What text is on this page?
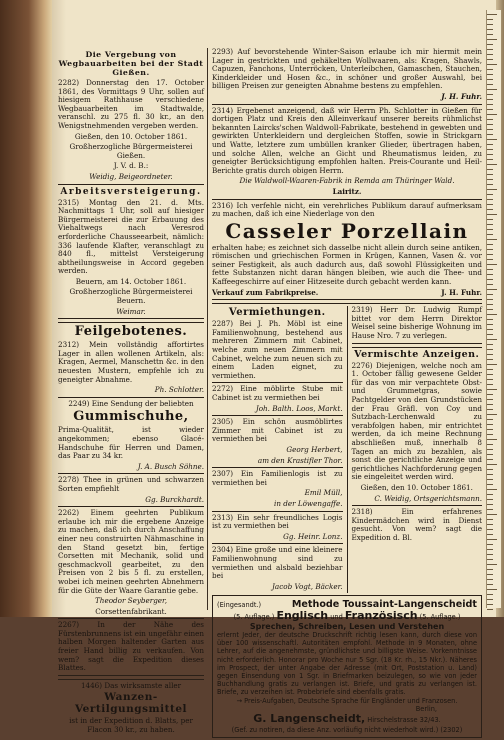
Die Vergebung von Wegbauarbeiten bei der Stadt Gießen.
2282) Donnerstag den 17. October 1861, des Vormittags 9 Uhr, sollen auf hiesigem Rathhause verschiedene Wegbauarbeiten im Stadtwalde, veranschl. zu 275 fl. 30 kr., an den Wenigstnehmenden vergeben werden.
Gießen, den 10. October 1861.
Großherzogliche Bürgermeisterei Gießen.
J. V. d. B.:
Weidig, Beigeordneter.
Arbeitsversteigerung.
2315) Montag den 21. d. Mts. Nachmittags 1 Uhr, soll auf hiesiger Bürgermeisterei die zur Erbauung des Viehaltwegs nach Veresrod erforderliche Chausseearbeit, nämlich: 336 laufende Klafter, veranschlagt zu 840 fl., mittelst Versteigerung abtheilungsweise in Accord gegeben werden.
Beuern, am 14. October 1861.
Großherzogliche Bürgermeisterei Beuern.
Weimar.
Feilgebotenes.
2312) Mein vollständig affortirtes Lager in allen wollenen Artikeln, als: Kragen, Aermel, Manschettn &c. in den neuesten Mustern, empfehle ich zu geneigter Abnahme.
Ph. Schlotter.
2249) Eine Sendung der beliebten
Gummischuhe,
Prima-Qualität, ist wieder angekommen; ebenso Glacé-Handschuhe für Herren und Damen, das Paar zu 34 kr.
J. A. Busch Söhne.
2278) Thee in grünen und schwarzen Sorten empfiehlt
Gg. Burckhardt.
2262) Einem geehrten Publikum erlaube ich mir die ergebene Anzeige zu machen, daß ich durch Anschaffung einer neu construirten Nähmaschine in den Stand gesetzt bin, fertige Corsetten mit Mechanik, solid und geschmackvoll gearbeitet, zu den Preisen von 2 bis 5 fl. zu erstellen, wobei ich meinen geehrten Abnehmern für die Güte der Waare Garantie gebe.
Theodor Seyberger,
Corsettenfabrikant.
2267) In der Nähe des Fürstenbrunnens ist ein ungefähr einen halben Morgen haltender Garten aus freier Hand billig zu verkaufen. Von wem? sagt die Expedition dieses Blattes.
1446) Das wirksamste aller
Wanzen-Vertilgungsmittel
ist in der Expedition d. Blatts, per Flacon 30 kr., zu haben.
2293) Auf bevorstehende Winter-Saison erlaube ich mir hiermit mein Lager in gestrickten und gehäkelten Wollwaaren, als: Kragen, Shawls, Capuzen, Fanchons, Unterröcken, Unterleibchen, Gamaschen, Stauchen, Kinderkleider und Hosen &c., in schöner und großer Auswahl, bei billigen Preisen zur geneigten Abnahme bestens zu empfehlen.
J. H. Fuhr.
2314) Ergebenst anzeigend, daß wir Herrn Ph. Schlotter in Gießen für dortigen Platz und Kreis den Alleinverkauf unserer bereits rühmlichst bekannten Laircks'schen Waldwoll-Fabrikate, bestehend in gewebten und gewirkten Unterkleidern und dergleichen Stoffen, sowie in Strickgarn und Watte, letztere zum umbüllen kranker Glieder, übertragen haben, und solche Allen, welche an Gicht und Rheumatismus leiden, zu geneigter Berücksichtigung empfohlen halten. Preis-Courante und Heil-Berichte gratis durch obigen Herrn.
Die Waldwoll-Waaren-Fabrik in Remda am Thüringer Wald.
Lairitz.
2316) Ich verfehle nicht, ein verehrliches Publikum darauf aufmerksam zu machen, daß ich eine Niederlage von den
Casseler Porzellain
erhalten habe; es zeichnet sich dasselbe nicht allein durch seine antiken, römischen und griechischen Formen in Krügen, Kannen, Vasen &. vor seiner Festigkeit, als auch dadurch aus, daß sowohl Flüssigkeiten und fette Substanzen nicht daran hängen bleiben, wie auch die Thee- und Kaffeegeschirre auf einer Hitzeseite durch gebacht werden kann.
Verkauf zum Fabrikpreise.	J. H. Fuhr.
Vermiethungen.
2287) Bei J. Ph. Möbl ist eine Familienwohnung, bestehend aus mehreren Zimmern mit Cabinet, welche zum neuen Zimmern mit Cabinet, welche zum neuen sich zu einem Laden eignet, zu vermiethen.
2272) Eine möblirte Stube mit Cabinet ist zu vermiethen bei
Joh. Balth. Loos, Markt.
2305) Ein schön ausmöblirtes Zimmer mit Cabinet ist zu vermiethen bei
Georg Herbert,
am den Krastifler Thor.
2307) Ein Familienlogis ist zu vermiethen bei
Emil Müll,
in der Löwengaffe.
2313) Ein sehr freundliches Logis ist zu vermiethen bei
Gg. Heinr. Lonz.
2304) Eine große und eine kleinere Familienwohnung sind zu vermiethen und alsbald beziehbar bei
Jacob Vogt, Bäcker.
2319) Herr Dr. Ludwig Rumpf bittet vor dem Herrn Direktor Weisel seine bisherige Wohnung im Hause Nro. 7 zu verlegen.
Vermischte Anzeigen.
2276) Diejenigen, welche noch am 1. October fällig gewesene Gelder für das von mir verpachtete Obst- und Grummetgras, sowie Pachtgelder von den Grundstücken der Frau Gräfl. von Coy und Sutzbach-Lerchenwald zu verabfolgen haben, mir entrichtet werden, da ich meine Rechnung abschließen muß, innerhalb 8 Tagen an mich zu bezahlen, als sonst die gerichtliche Anzeige und gerichtliches Nachforderung gegen sie eingeleitet werden wird.
Gießen, den 10. October 1861.
C. Weidig, Ortsgerichtsmann.
2318) Ein erfahrenes Kindermädchen wird in Dienst gesucht. Von wem? sagt die Expedition d. Bl.
(Eingesandt.)	Methode Toussaint-Langenscheidt
(5. Auflage.) Englisch und Französisch (5. Auflage.)
Sprechen, Schreiben, Lesen und Verstehen
erlernt Jeder, der deutsche Druckschrift richtig lesen kann, durch diese von über 100 wissenschaftl. Autoritäten empfohl. Methode in 9 Monaten, ohne Lehrer, auf die angenehmste, gründlichste und billigste Weise. Vorkenntnisse nicht erforderlich. Honorar pro Woche nur 5 Sgr. (18 Kr. rh., 15 Nkr.). Näheres im Prospect, der unter Angabe der Adresse (mit Ort, Poststation u. Land) gegen Einsendung von 1 Sgr. in Briefmarken beizulegen, so wie von jeder Buchhandlung gratis zu verlangen ist. Briefe, und gratis zu verlangen ist. Briefe, zu verzeihen ist. Probebriefe sind ebenfalls gratis.
→ Preis-Aufgaben, Deutsche Sprache für Engländer und Franzosen.
Berlin,
G. Langenscheidt, Hirschelstrasse 32/43.
(Gef. zu notiren, da diese Anz. vorläufig nicht wiederholt wird.) (2302)
